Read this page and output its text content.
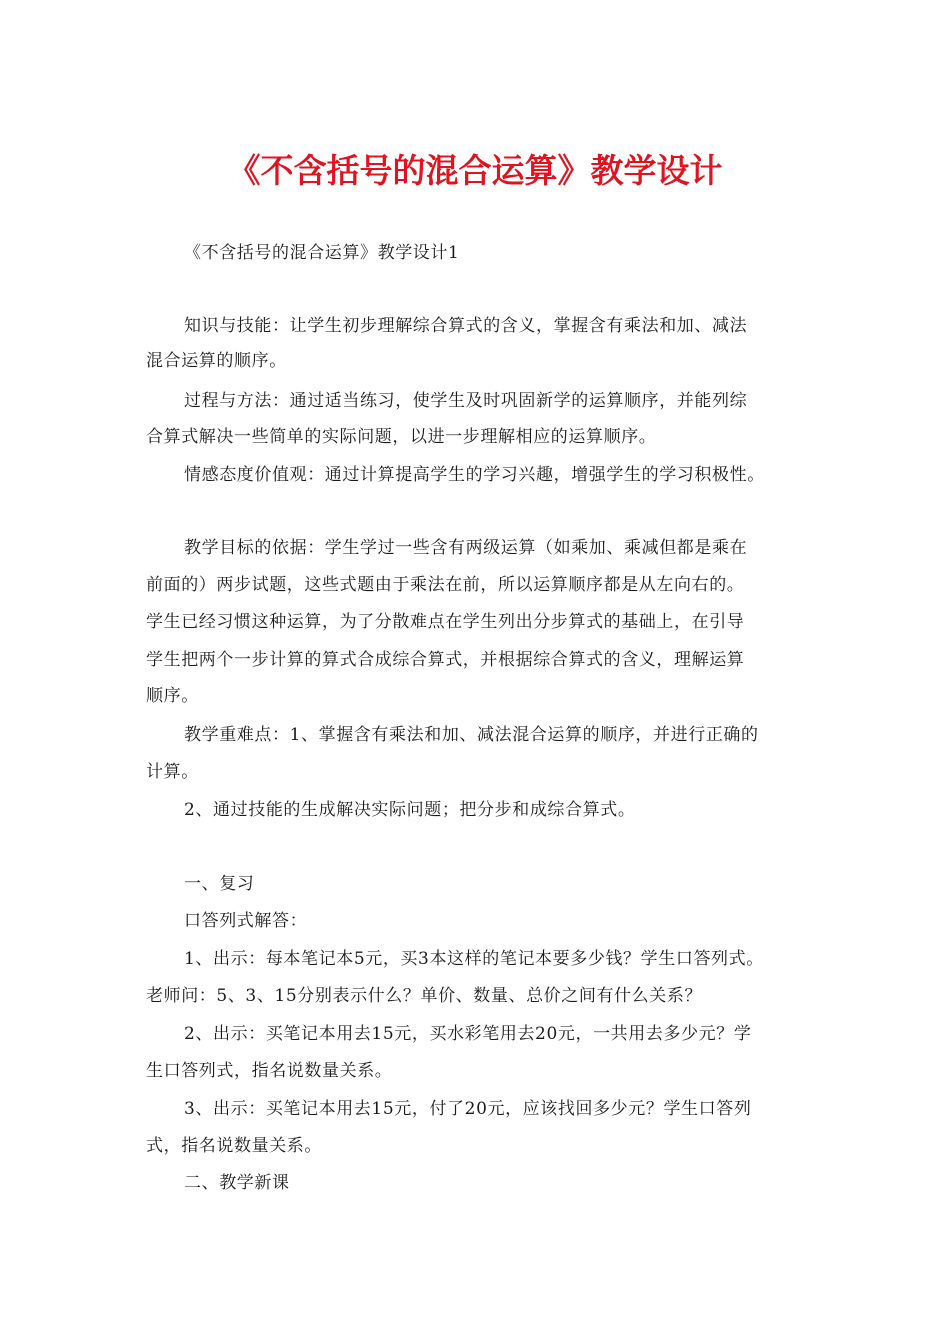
《不含括号的混合运算》教学设计

《不含括号的混合运算》教学设计1

知识与技能：让学生初步理解综合算式的含义，掌握含有乘法和加、减法

混合运算的顺序。

过程与方法：通过适当练习，使学生及时巩固新学的运算顺序，并能列综

合算式解决一些简单的实际问题，以进一步理解相应的运算顺序。

情感态度价值观：通过计算提高学生的学习兴趣，增强学生的学习积极性。

教学目标的依据：学生学过一些含有两级运算（如乘加、乘减但都是乘在

前面的）两步试题，这些式题由于乘法在前，所以运算顺序都是从左向右的。

学生已经习惯这种运算，为了分散难点在学生列出分步算式的基础上，在引导

学生把两个一步计算的算式合成综合算式，并根据综合算式的含义，理解运算

顺序。

教学重难点：1、掌握含有乘法和加、减法混合运算的顺序，并进行正确的

计算。

2、通过技能的生成解决实际问题；把分步和成综合算式。

一、复习

口答列式解答：

1、出示：每本笔记本5元，买3本这样的笔记本要多少钱？学生口答列式。

老师问：5、3、15分别表示什么？单价、数量、总价之间有什么关系？

2、出示：买笔记本用去15元，买水彩笔用去20元，一共用去多少元？学

生口答列式，指名说数量关系。

3、出示：买笔记本用去15元，付了20元，应该找回多少元？学生口答列

式，指名说数量关系。

二、教学新课
